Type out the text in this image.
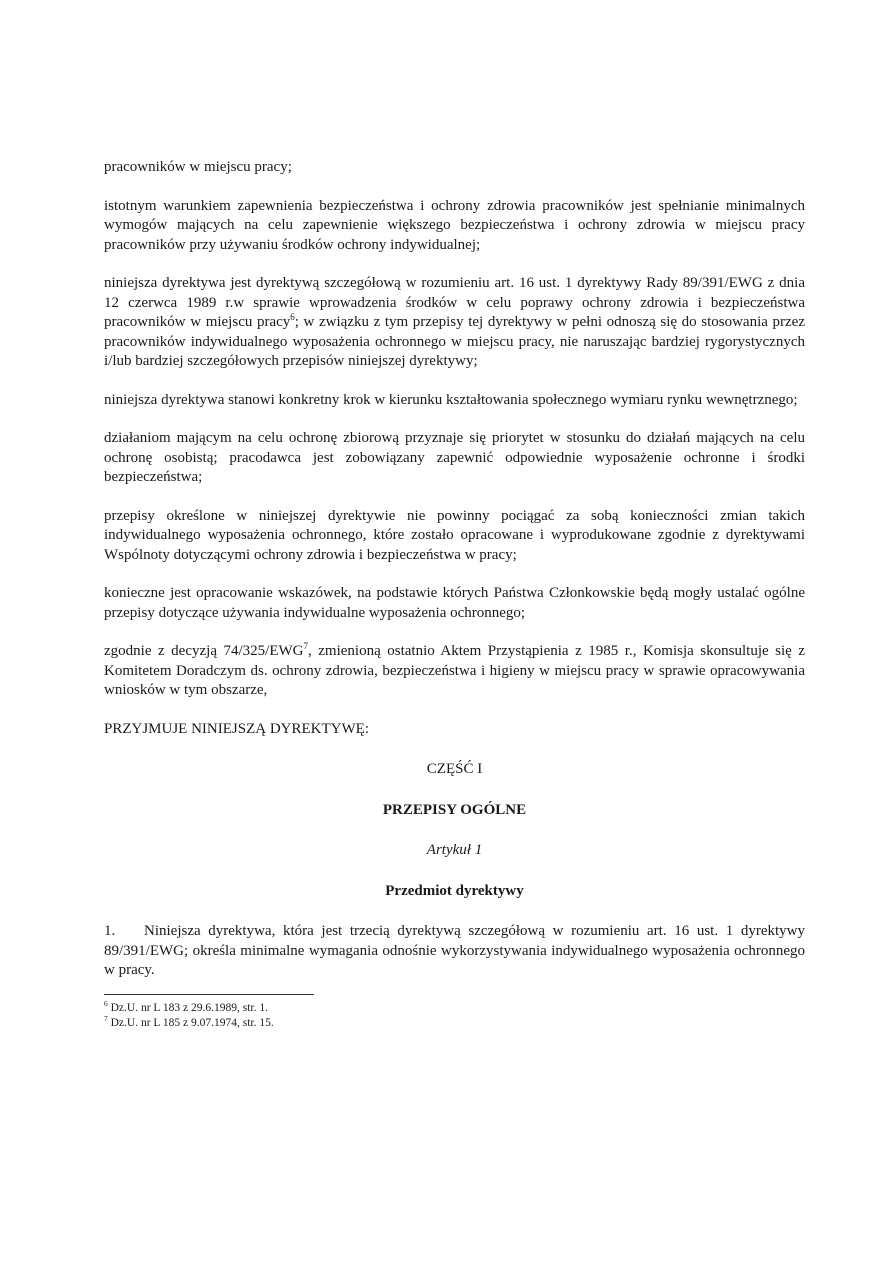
pracowników w miejscu pracy;

istotnym warunkiem zapewnienia bezpieczeństwa i ochrony zdrowia pracowników jest spełnianie minimalnych wymogów mających na celu zapewnienie większego bezpieczeństwa i ochrony zdrowia w miejscu pracy pracowników przy używaniu środków ochrony indywidualnej;

niniejsza dyrektywa jest dyrektywą szczegółową w rozumieniu art. 16 ust. 1 dyrektywy Rady 89/391/EWG z dnia 12 czerwca 1989 r.w sprawie wprowadzenia środków w celu poprawy ochrony zdrowia i bezpieczeństwa pracowników w miejscu pracy$^6$; w związku z tym przepisy tej dyrektywy w pełni odnoszą się do stosowania przez pracowników indywidualnego wyposażenia ochronnego w miejscu pracy, nie naruszając bardziej rygorystycznych i/lub bardziej szczegółowych przepisów niniejszej dyrektywy;

niniejsza dyrektywa stanowi konkretny krok w kierunku kształtowania społecznego wymiaru rynku wewnętrznego;

działaniom mającym na celu ochronę zbiorową przyznaje się priorytet w stosunku do działań mających na celu ochronę osobistą; pracodawca jest zobowiązany zapewnić odpowiednie wyposażenie ochronne i środki bezpieczeństwa;

przepisy określone w niniejszej dyrektywie nie powinny pociągać za sobą konieczności zmian takich indywidualnego wyposażenia ochronnego, które zostało opracowane i wyprodukowane zgodnie z dyrektywami Wspólnoty dotyczącymi ochrony zdrowia i bezpieczeństwa w pracy;

konieczne jest opracowanie wskazówek, na podstawie których Państwa Członkowskie będą mogły ustalać ogólne przepisy dotyczące używania indywidualne wyposażenia ochronnego;

zgodnie z decyzją 74/325/EWG$^7$, zmienioną ostatnio Aktem Przystąpienia z 1985 r., Komisja skonsultuje się z Komitetem Doradczym ds. ochrony zdrowia, bezpieczeństwa i higieny w miejscu pracy w sprawie opracowywania wniosków w tym obszarze,

PRZYJMUJE NINIEJSZĄ DYREKTYWĘ:

CZĘŚĆ I
PRZEPISY OGÓLNE
Artykuł 1
Przedmiot dyrektywy

1. Niniejsza dyrektywa, która jest trzecią dyrektywą szczegółową w rozumieniu art. 16 ust. 1 dyrektywy 89/391/EWG; określa minimalne wymagania odnośnie wykorzystywania indywidualnego wyposażenia ochronnego w pracy.

$^6$ Dz.U. nr L 183 z 29.6.1989, str. 1.

$^7$ Dz.U. nr L 185 z 9.07.1974, str. 15.
